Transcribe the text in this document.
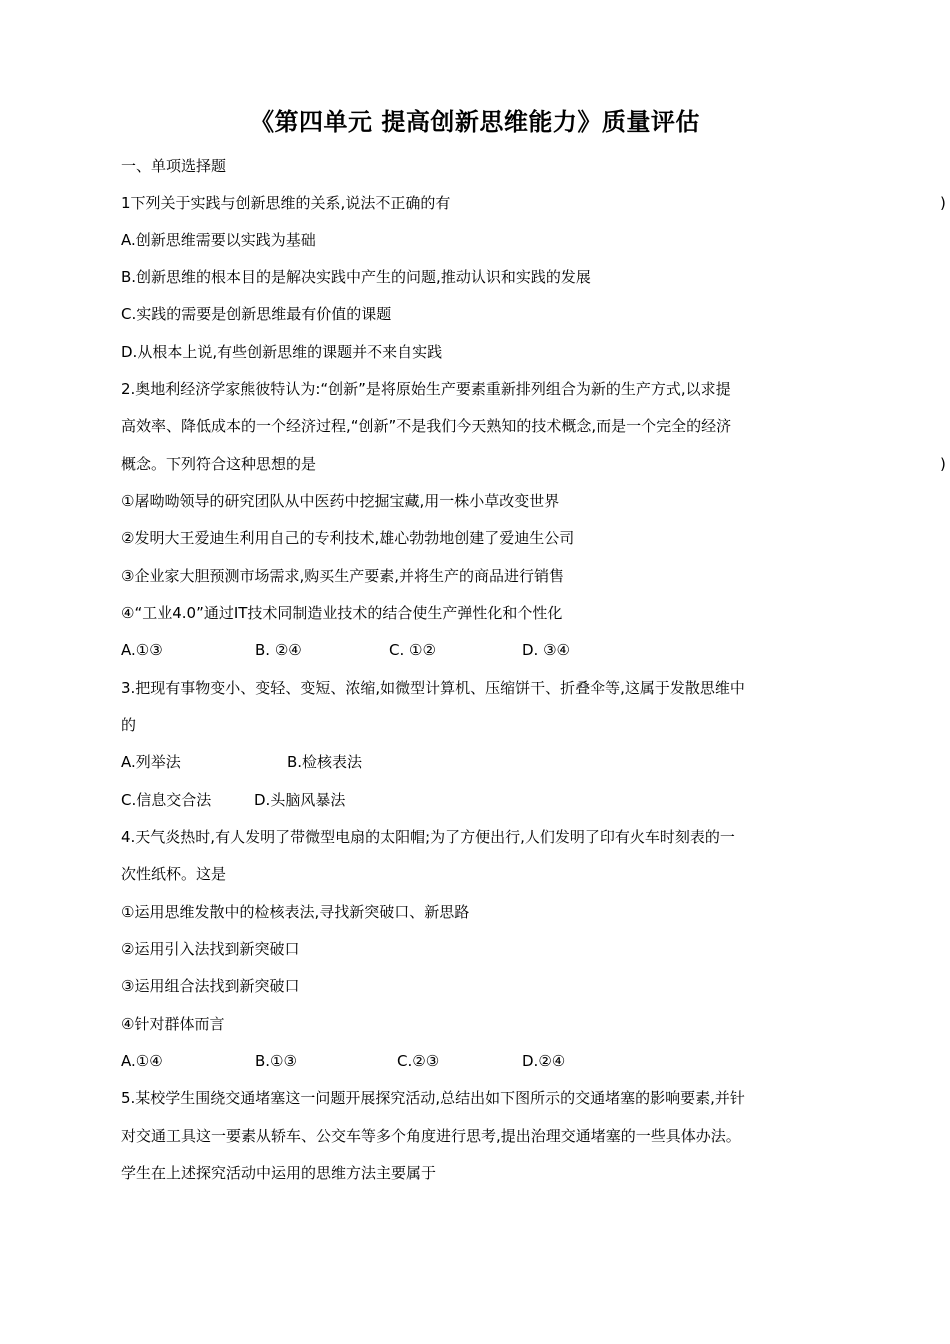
《第四单元 提高创新思维能力》质量评估
一、单项选择题
1下列关于实践与创新思维的关系,说法不正确的有	)
A.创新思维需要以实践为基础
B.创新思维的根本目的是解决实践中产生的问题,推动认识和实践的发展
C.实践的需要是创新思维最有价值的课题
D.从根本上说,有些创新思维的课题并不来自实践
2.奥地利经济学家熊彼特认为:“创新”是将原始生产要素重新排列组合为新的生产方式,以求提
高效率、降低成本的一个经济过程,“创新”不是我们今天熟知的技术概念,而是一个完全的经济
概念。下列符合这种思想的是	)
①屠呦呦领导的研究团队从中医药中挖掘宝藏,用一株小草改变世界
②发明大王爱迪生利用自己的专利技术,雄心勃勃地创建了爱迪生公司
③企业家大胆预测市场需求,购买生产要素,并将生产的商品进行销售
④“工业4.0”通过IT技术同制造业技术的结合使生产弹性化和个性化
A.①③	B. ②④	C. ①②	D. ③④
3.把现有事物变小、变轻、变短、浓缩,如微型计算机、压缩饼干、折叠伞等,这属于发散思维中
的
A.列举法	B.检核表法
C.信息交合法	D.头脑风暴法
4.天气炎热时,有人发明了带微型电扇的太阳帽;为了方便出行,人们发明了印有火车时刻表的一
次性纸杯。这是
①运用思维发散中的检核表法,寻找新突破口、新思路
②运用引入法找到新突破口
③运用组合法找到新突破口
④针对群体而言
A.①④	B.①③	C.②③	D.②④
5.某校学生围绕交通堵塞这一问题开展探究活动,总结出如下图所示的交通堵塞的影响要素,并针
对交通工具这一要素从轿车、公交车等多个角度进行思考,提出治理交通堵塞的一些具体办法。
学生在上述探究活动中运用的思维方法主要属于
